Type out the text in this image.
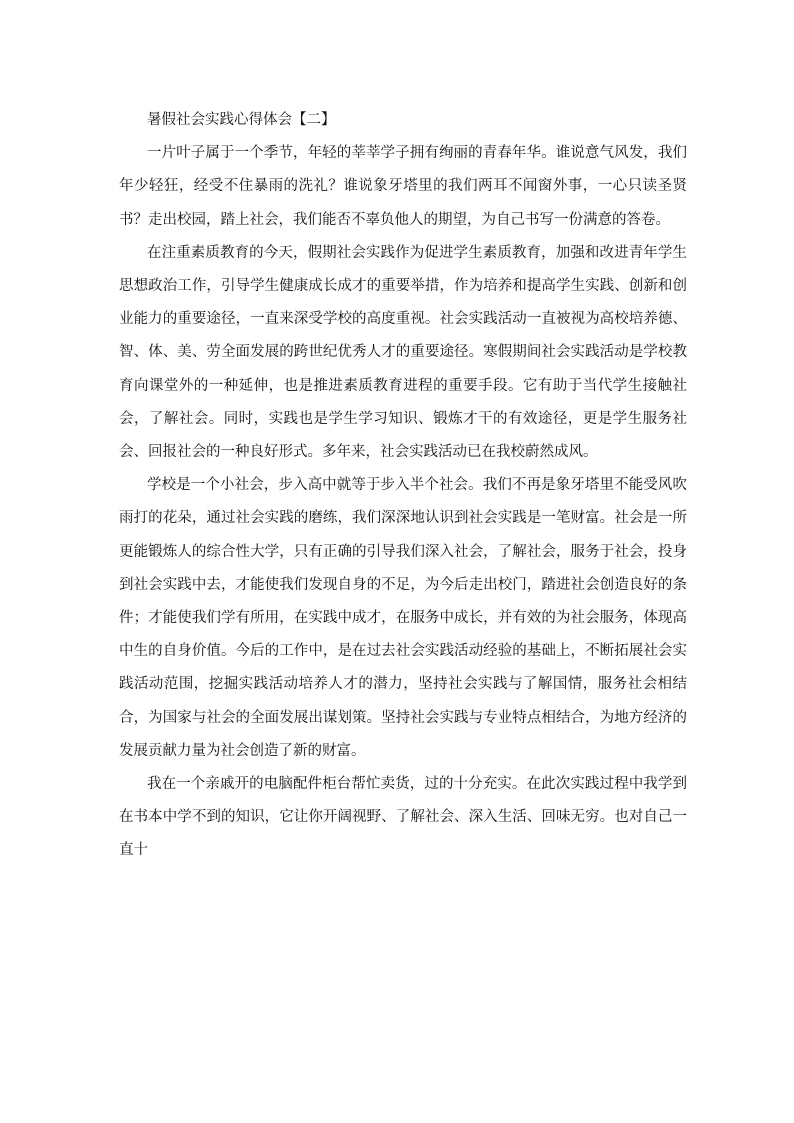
暑假社会实践心得体会【二】

一片叶子属于一个季节，年轻的莘莘学子拥有绚丽的青春年华。谁说意气风发，我们年少轻狂，经受不住暴雨的洗礼？谁说象牙塔里的我们两耳不闻窗外事，一心只读圣贤书？走出校园，踏上社会，我们能否不辜负他人的期望，为自己书写一份满意的答卷。

在注重素质教育的今天，假期社会实践作为促进学生素质教育，加强和改进青年学生思想政治工作，引导学生健康成长成才的重要举措，作为培养和提高学生实践、创新和创业能力的重要途径，一直来深受学校的高度重视。社会实践活动一直被视为高校培养德、智、体、美、劳全面发展的跨世纪优秀人才的重要途径。寒假期间社会实践活动是学校教育向课堂外的一种延伸，也是推进素质教育进程的重要手段。它有助于当代学生接触社会，了解社会。同时，实践也是学生学习知识、锻炼才干的有效途径，更是学生服务社会、回报社会的一种良好形式。多年来，社会实践活动已在我校蔚然成风。

学校是一个小社会，步入高中就等于步入半个社会。我们不再是象牙塔里不能受风吹雨打的花朵，通过社会实践的磨练，我们深深地认识到社会实践是一笔财富。社会是一所更能锻炼人的综合性大学，只有正确的引导我们深入社会，了解社会，服务于社会，投身到社会实践中去，才能使我们发现自身的不足，为今后走出校门，踏进社会创造良好的条件；才能使我们学有所用，在实践中成才，在服务中成长，并有效的为社会服务，体现高中生的自身价值。今后的工作中，是在过去社会实践活动经验的基础上，不断拓展社会实践活动范围，挖掘实践活动培养人才的潜力，坚持社会实践与了解国情，服务社会相结合，为国家与社会的全面发展出谋划策。坚持社会实践与专业特点相结合，为地方经济的发展贡献力量为社会创造了新的财富。

我在一个亲戚开的电脑配件柜台帮忙卖货，过的十分充实。在此次实践过程中我学到在书本中学不到的知识，它让你开阔视野、了解社会、深入生活、回味无穷。也对自己一直十
